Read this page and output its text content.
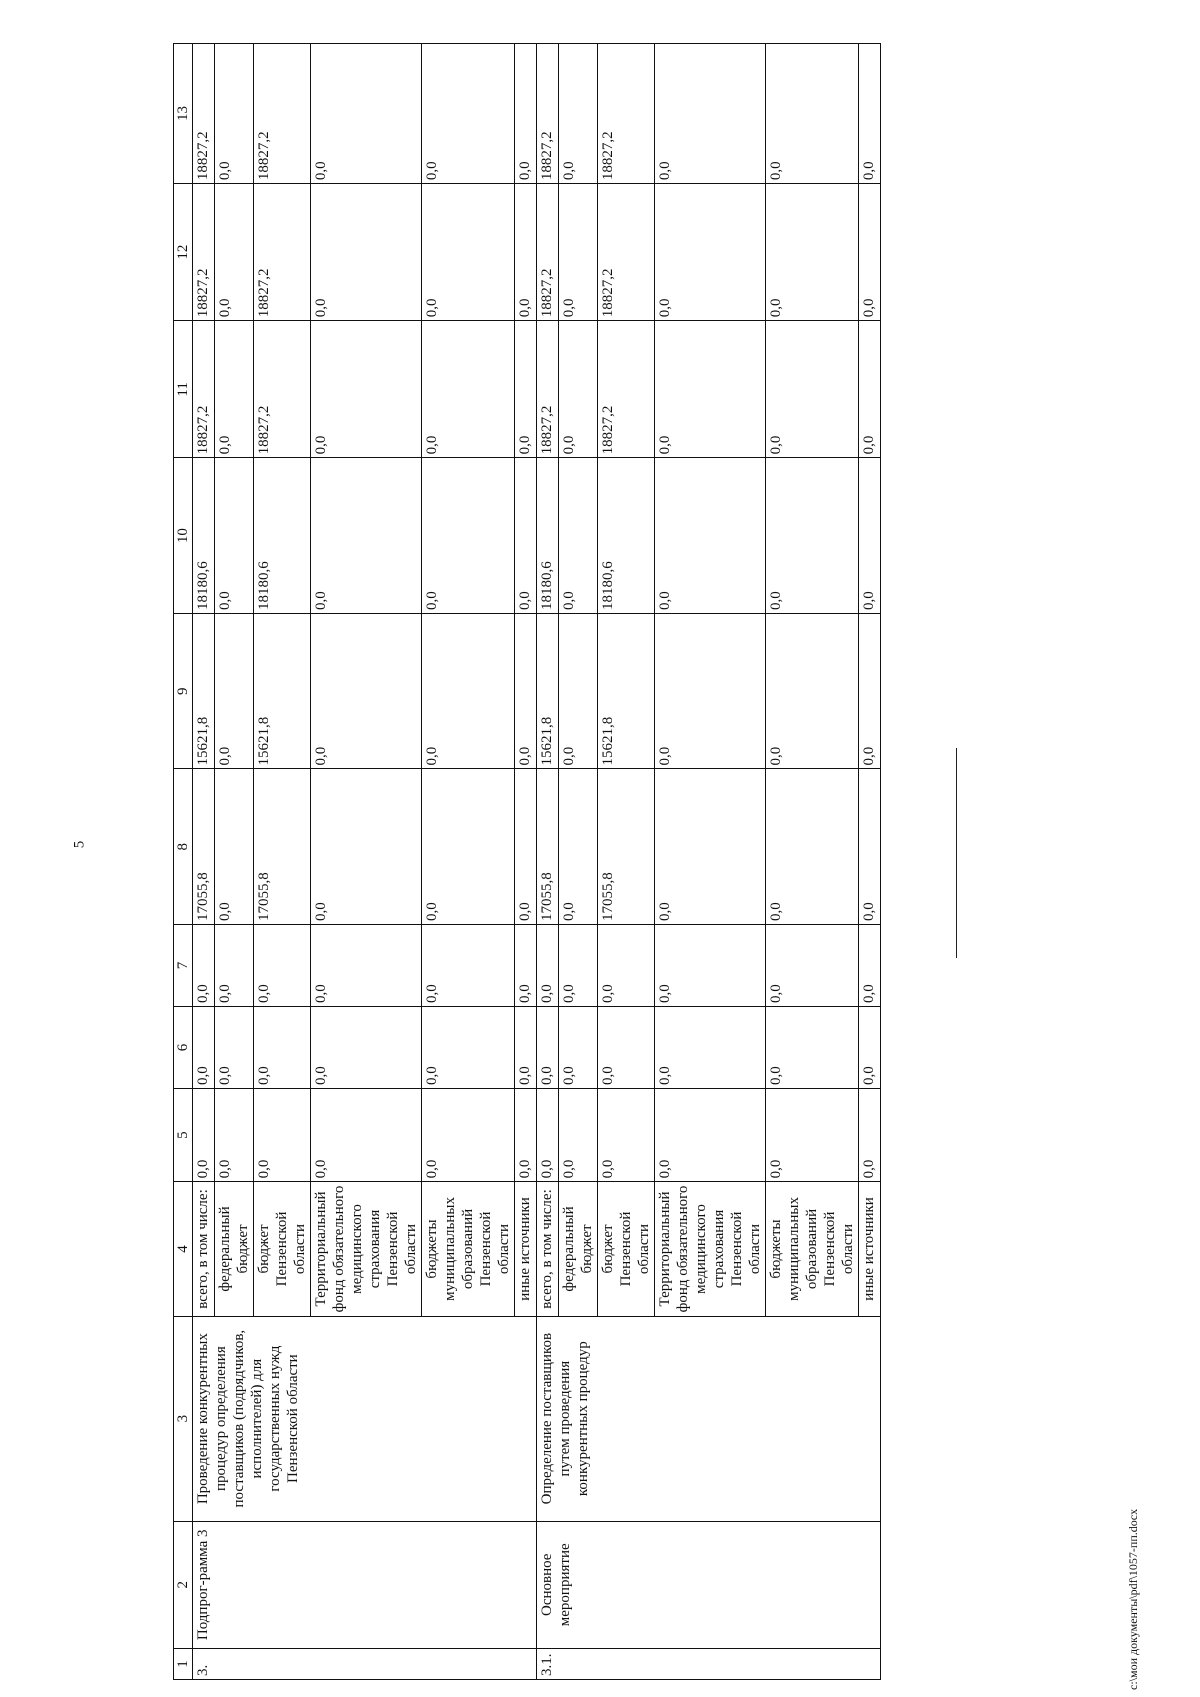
5
1	2	3	4	5	6	7	8	9	10	11	12	13
3.	Подпрог-рамма 3	Проведение конкурентных процедур определения поставщиков (подрядчиков, исполнителей) для государственных нужд Пензенской области	всего, в том числе:	0,0	0,0	0,0	17055,8	15621,8	18180,6	18827,2	18827,2	18827,2
			федеральный бюджет	0,0	0,0	0,0	0,0	0,0	0,0	0,0	0,0	0,0
			бюджет Пензенской области	0,0	0,0	0,0	17055,8	15621,8	18180,6	18827,2	18827,2	18827,2
			Территориальный фонд обязательного медицинского страхования Пензенской области	0,0	0,0	0,0	0,0	0,0	0,0	0,0	0,0	0,0
			бюджеты муниципальных образований Пензенской области	0,0	0,0	0,0	0,0	0,0	0,0	0,0	0,0	0,0
			иные источники	0,0	0,0	0,0	0,0	0,0	0,0	0,0	0,0	0,0
3.1.	Основное мероприятие	Определение поставщиков путем проведения конкурентных процедур	всего, в том числе:	0,0	0,0	0,0	17055,8	15621,8	18180,6	18827,2	18827,2	18827,2
			федеральный бюджет	0,0	0,0	0,0	0,0	0,0	0,0	0,0	0,0	0,0
			бюджет Пензенской области	0,0	0,0	0,0	17055,8	15621,8	18180,6	18827,2	18827,2	18827,2
			Территориальный фонд обязательного медицинского страхования Пензенской области	0,0	0,0	0,0	0,0	0,0	0,0	0,0	0,0	0,0
			бюджеты муниципальных образований Пензенской области	0,0	0,0	0,0	0,0	0,0	0,0	0,0	0,0	0,0
			иные источники	0,0	0,0	0,0	0,0	0,0	0,0	0,0	0,0	0,0
c:\мои документы\pdf\1057-пп.docx
